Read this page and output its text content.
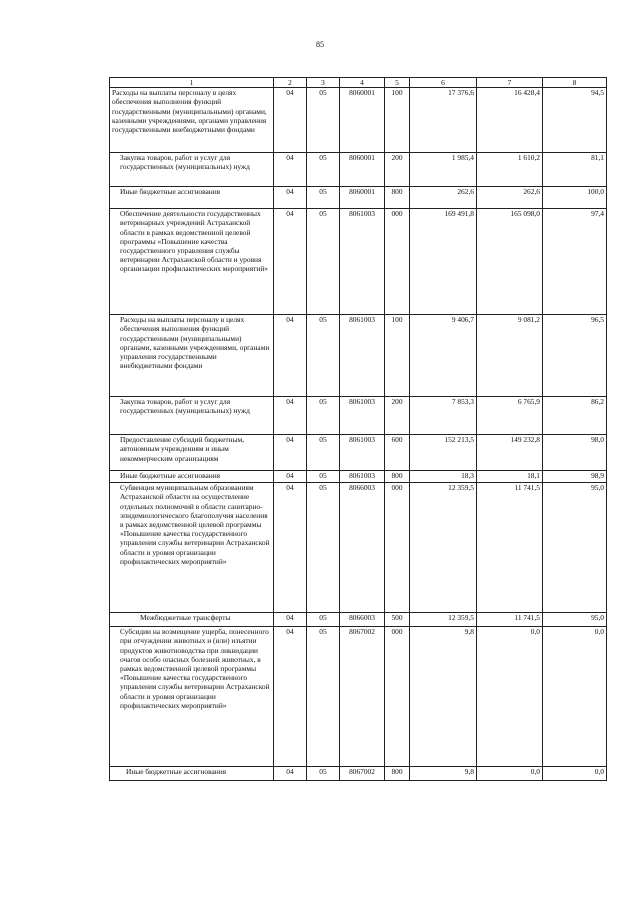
85
1	2	3	4	5	6	7	8
Расходы на выплаты персоналу в целях обеспечения выполнения функций государственными (муниципальными) органами, казенными учреждениями, органами управления государственными внебюджетными фондами	04	05	8060001	100	17 376,6	16 428,4	94,5
Закупка товаров, работ и услуг для государственных (муниципальных) нужд	04	05	8060001	200	1 985,4	1 610,2	81,1
Иные бюджетные ассигнования	04	05	8060001	800	262,6	262,6	100,0
Обеспечение деятельности государственных ветеринарных учреждений Астраханской области в рамках ведомственной целевой программы «Повышение качества государственного управления службы ветеринарии Астраханской области и уровня организации профилактических мероприятий»	04	05	8061003	000	169 491,8	165 098,0	97,4
Расходы на выплаты персоналу в целях обеспечения выполнения функций государственными (муниципальными) органами, казенными учреждениями, органами управления государственными внебюджетными фондами	04	05	8061003	100	9 406,7	9 081,2	96,5
Закупка товаров, работ и услуг для государственных (муниципальных) нужд	04	05	8061003	200	7 853,3	6 765,9	86,2
Предоставление субсидий бюджетным, автономным учреждениям и иным некоммерческим организациям	04	05	8061003	600	152 213,5	149 232,8	98,0
Иные бюджетные ассигнования	04	05	8061003	800	18,3	18,1	98,9
Субвенция муниципальным образованиям Астраханской области на осуществление отдельных полномочий в области санитарно-эпидемиологического благополучия населения в рамках ведомственной целевой программы «Повышение качества государственного управления службы ветеринарии Астраханской области и уровня организации профилактических мероприятий»	04	05	8066003	000	12 359,5	11 741,5	95,0
Межбюджетные трансферты	04	05	8066003	500	12 359,5	11 741,5	95,0
Субсидии на возмещение ущерба, понесенного при отчуждении животных и (или) изъятии продуктов животноводства при ликвидации очагов особо опасных болезней животных, в рамках ведомственной целевой программы «Повышение качества государственного управления службы ветеринарии Астраханской области и уровня организации профилактических мероприятий»	04	05	8067002	000	9,8	0,0	0,0
Иные бюджетные ассигнования	04	05	8067002	800	9,8	0,0	0,0
